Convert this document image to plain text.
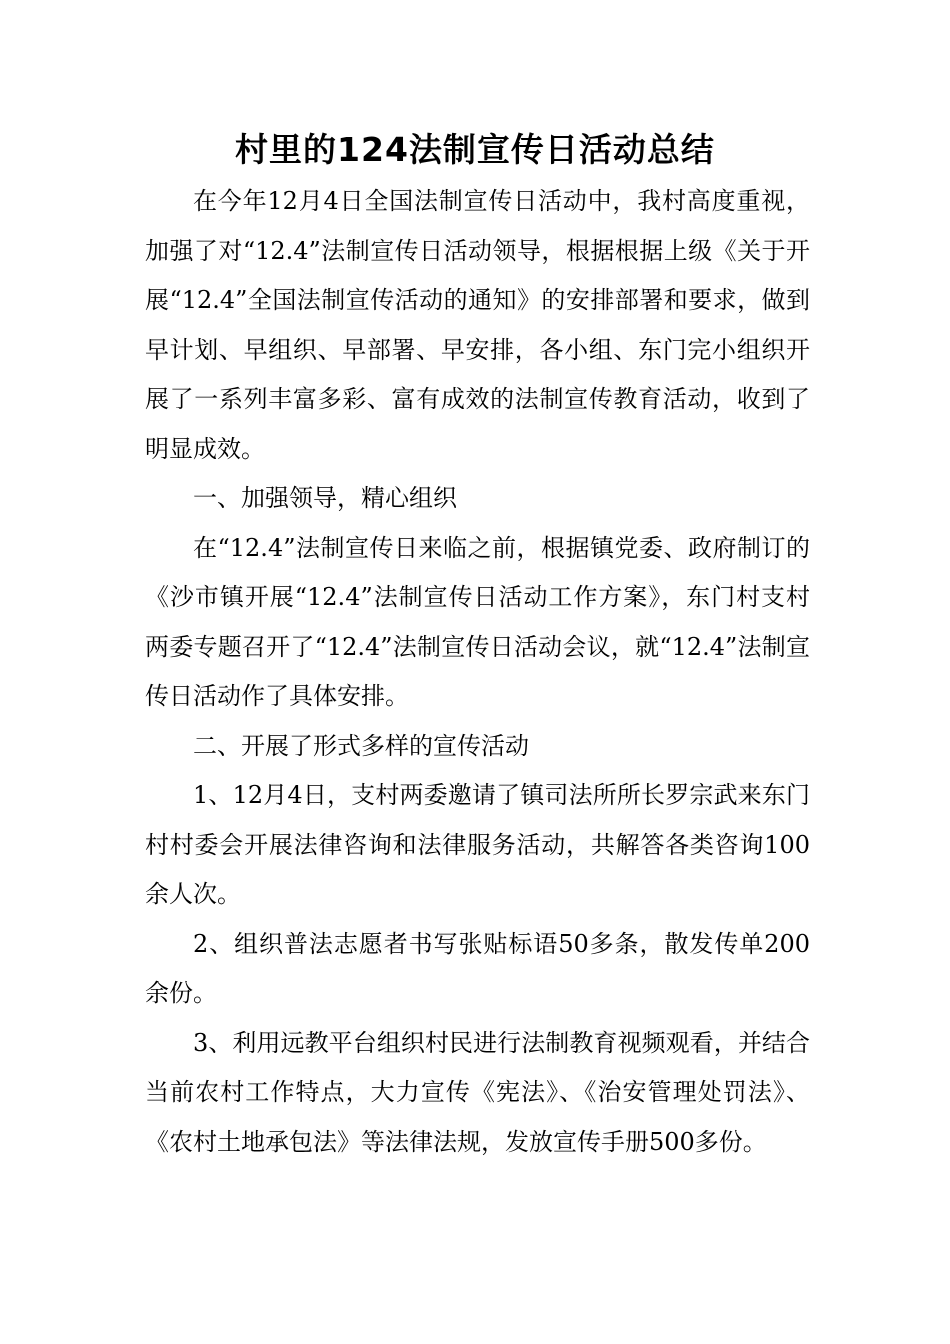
村里的124法制宣传日活动总结

在今年12月4日全国法制宣传日活动中，我村高度重视，加强了对“12.4”法制宣传日活动领导，根据根据上级《关于开展“12.4”全国法制宣传活动的通知》的安排部署和要求，做到早计划、早组织、早部署、早安排，各小组、东门完小组织开展了一系列丰富多彩、富有成效的法制宣传教育活动，收到了明显成效。

一、加强领导，精心组织

在“12.4”法制宣传日来临之前，根据镇党委、政府制订的《沙市镇开展“12.4”法制宣传日活动工作方案》，东门村支村两委专题召开了“12.4”法制宣传日活动会议，就“12.4”法制宣传日活动作了具体安排。

二、开展了形式多样的宣传活动

1、12月4日，支村两委邀请了镇司法所所长罗宗武来东门村村委会开展法律咨询和法律服务活动，共解答各类咨询100余人次。

2、组织普法志愿者书写张贴标语50多条，散发传单200余份。

3、利用远教平台组织村民进行法制教育视频观看，并结合当前农村工作特点，大力宣传《宪法》、《治安管理处罚法》、《农村土地承包法》等法律法规，发放宣传手册500多份。
